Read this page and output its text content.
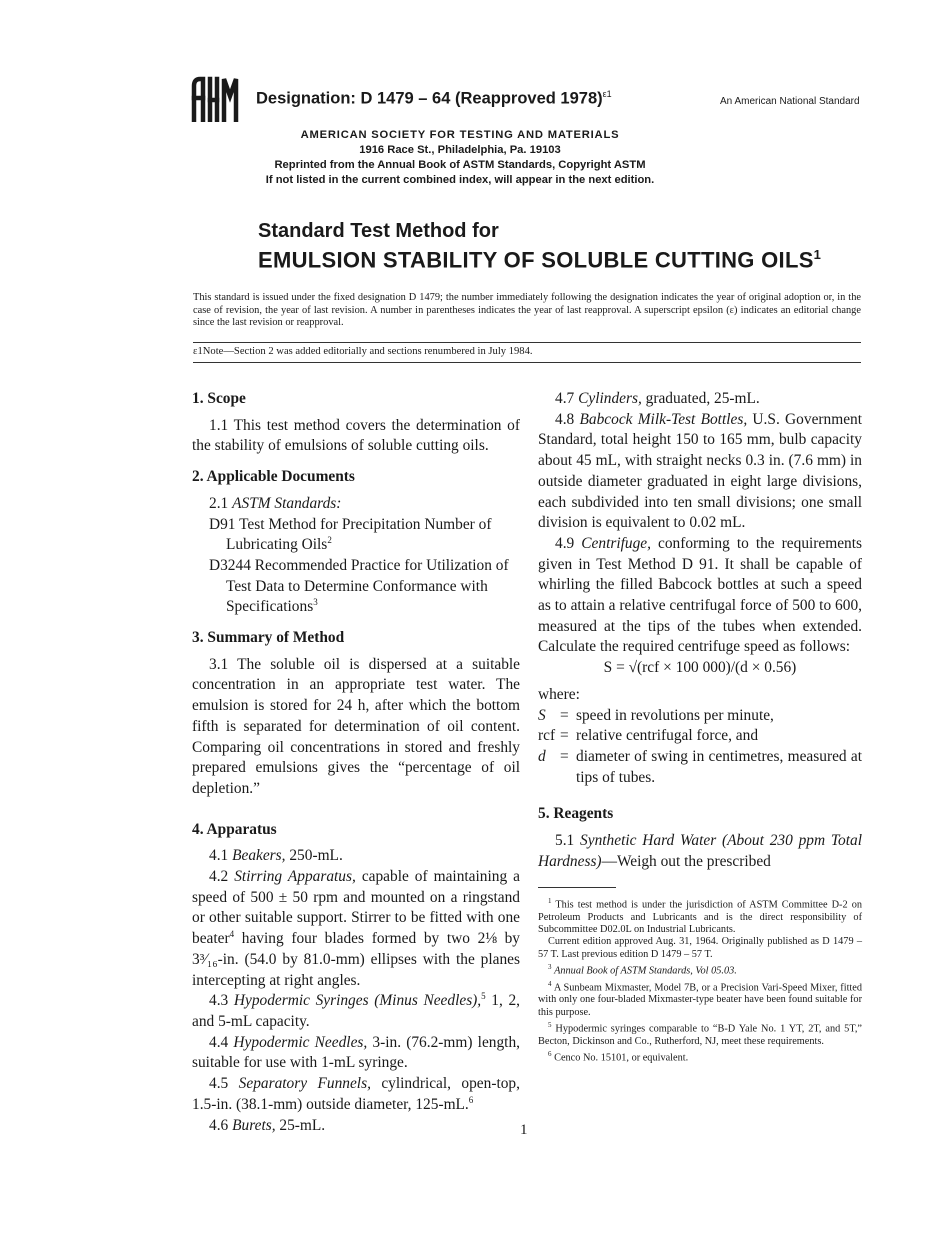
Designation: D 1479 – 64 (Reapproved 1978)$^{\varepsilon 1}$
An American National Standard
AMERICAN SOCIETY FOR TESTING AND MATERIALS
1916 Race St., Philadelphia, Pa. 19103
Reprinted from the Annual Book of ASTM Standards, Copyright ASTM
If not listed in the current combined index, will appear in the next edition.
Standard Test Method for
EMULSION STABILITY OF SOLUBLE CUTTING OILS$^1$
This standard is issued under the fixed designation D 1479; the number immediately following the designation indicates the year of original adoption or, in the case of revision, the year of last revision. A number in parentheses indicates the year of last reapproval. A superscript epsilon (ε) indicates an editorial change since the last revision or reapproval.
ε1Note—Section 2 was added editorially and sections renumbered in July 1984.
1. Scope

1.1 This test method covers the determination of the stability of emulsions of soluble cutting oils.

2. Applicable Documents

2.1 ASTM Standards:

D91 Test Method for Precipitation Number of Lubricating Oils$^2$

D3244 Recommended Practice for Utilization of Test Data to Determine Conformance with Specifications$^3$

3. Summary of Method

3.1 The soluble oil is dispersed at a suitable concentration in an appropriate test water. The emulsion is stored for 24 h, after which the bottom fifth is separated for determination of oil content. Comparing oil concentrations in stored and freshly prepared emulsions gives the “percentage of oil depletion.”

4. Apparatus

4.1 Beakers, 250-mL.

4.2 Stirring Apparatus, capable of maintaining a speed of 500 ± 50 rpm and mounted on a ringstand or other suitable support. Stirrer to be fitted with one beater$^4$ having four blades formed by two 2⅛ by 3³⁄₁₆-in. (54.0 by 81.0-mm) ellipses with the planes intercepting at right angles.

4.3 Hypodermic Syringes (Minus Needles),$^5$ 1, 2, and 5-mL capacity.

4.4 Hypodermic Needles, 3-in. (76.2-mm) length, suitable for use with 1-mL syringe.

4.5 Separatory Funnels, cylindrical, open-top, 1.5-in. (38.1-mm) outside diameter, 125-mL.$^6$

4.6 Burets, 25-mL.

4.7 Cylinders, graduated, 25-mL.

4.8 Babcock Milk-Test Bottles, U.S. Government Standard, total height 150 to 165 mm, bulb capacity about 45 mL, with straight necks 0.3 in. (7.6 mm) in outside diameter graduated in eight large divisions, each subdivided into ten small divisions; one small division is equivalent to 0.02 mL.

4.9 Centrifuge, conforming to the requirements given in Test Method D 91. It shall be capable of whirling the filled Babcock bottles at such a speed as to attain a relative centrifugal force of 500 to 600, measured at the tips of the tubes when extended. Calculate the required centrifuge speed as follows:

S = √(rcf × 100 000)/(d × 0.56)

where:

S = speed in revolutions per minute,
rcf = relative centrifugal force, and
d = diameter of swing in centimetres, measured at tips of tubes.
5. Reagents

5.1 Synthetic Hard Water (About 230 ppm Total Hardness)—Weigh out the prescribed

$^1$ This test method is under the jurisdiction of ASTM Committee D-2 on Petroleum Products and Lubricants and is the direct responsibility of Subcommittee D02.0L on Industrial Lubricants.

Current edition approved Aug. 31, 1964. Originally published as D 1479 – 57 T. Last previous edition D 1479 – 57 T.

$^3$ Annual Book of ASTM Standards, Vol 05.03.

$^4$ A Sunbeam Mixmaster, Model 7B, or a Precision Vari-Speed Mixer, fitted with only one four-bladed Mixmaster-type beater have been found suitable for this purpose.

$^5$ Hypodermic syringes comparable to “B-D Yale No. 1 YT, 2T, and 5T,” Becton, Dickinson and Co., Rutherford, NJ, meet these requirements.

$^6$ Cenco No. 15101, or equivalent.

1
